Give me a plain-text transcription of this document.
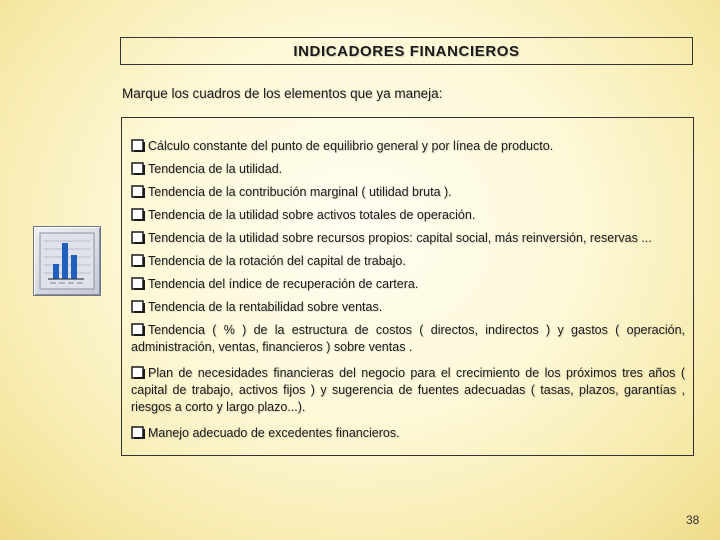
INDICADORES FINANCIEROS
Marque los cuadros de los elementos que ya maneja:
Cálculo constante del punto de equilibrio general y por línea de producto.
Tendencia de la utilidad.
Tendencia de la contribución marginal ( utilidad bruta ).
Tendencia de la utilidad sobre activos totales de operación.
Tendencia de la utilidad sobre recursos propios: capital social, más reinversión, reservas ...
Tendencia de la rotación del capital de trabajo.
Tendencia del índice de recuperación de cartera.
Tendencia de la rentabilidad sobre ventas.
Tendencia ( % ) de la estructura de costos ( directos, indirectos ) y gastos ( operación, administración, ventas, financieros ) sobre ventas .
Plan de necesidades financieras del negocio para el crecimiento de los próximos tres años ( capital de trabajo, activos fijos ) y sugerencia de fuentes adecuadas ( tasas, plazos, garantías , riesgos a corto y largo plazo...).
Manejo adecuado de excedentes financieros.
38
